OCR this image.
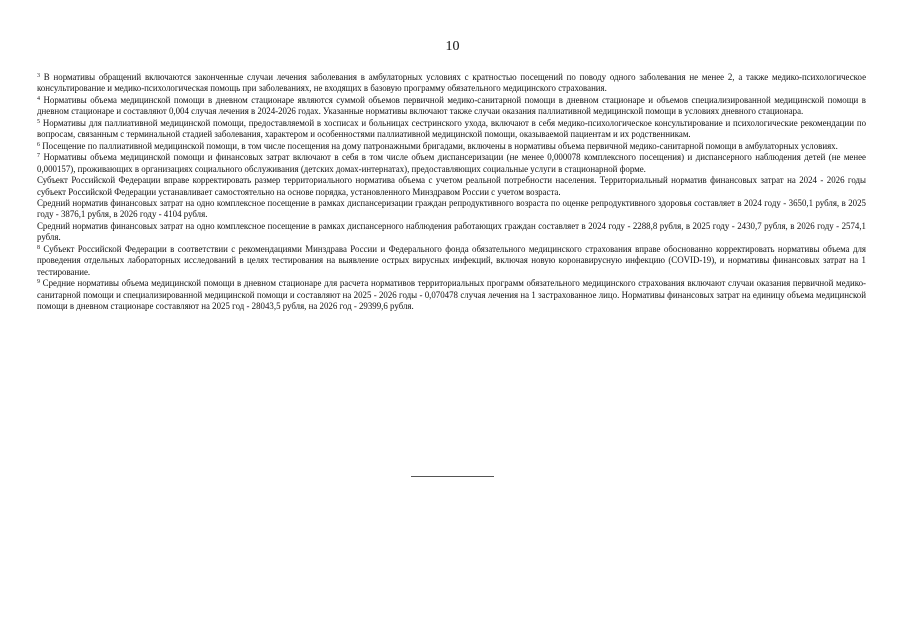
10

$^3$ В нормативы обращений включаются законченные случаи лечения заболевания в амбулаторных условиях с кратностью посещений по поводу одного заболевания не менее 2, а также медико-психологическое консультирование и медико-психологическая помощь при заболеваниях, не входящих в базовую программу обязательного медицинского страхования.

$^4$ Нормативы объема медицинской помощи в дневном стационаре являются суммой объемов первичной медико-санитарной помощи в дневном стационаре и объемов специализированной медицинской помощи в дневном стационаре и составляют 0,004 случая лечения в 2024-2026 годах. Указанные нормативы включают также случаи оказания паллиативной медицинской помощи в условиях дневного стационара.

$^5$ Нормативы для паллиативной медицинской помощи, предоставляемой в хосписах и больницах сестринского ухода, включают в себя медико-психологическое консультирование и психологические рекомендации по вопросам, связанным с терминальной стадией заболевания, характером и особенностями паллиативной медицинской помощи, оказываемой пациентам и их родственникам.

$^6$ Посещение по паллиативной медицинской помощи, в том числе посещения на дому патронажными бригадами, включены в нормативы объема первичной медико-санитарной помощи в амбулаторных условиях.

$^7$ Нормативы объема медицинской помощи и финансовых затрат включают в себя в том числе объем диспансеризации (не менее 0,000078 комплексного посещения) и диспансерного наблюдения детей (не менее 0,000157), проживающих в организациях социального обслуживания (детских домах-интернатах), предоставляющих социальные услуги в стационарной форме.

Субъект Российской Федерации вправе корректировать размер территориального норматива объема с учетом реальной потребности населения. Территориальный норматив финансовых затрат на 2024 - 2026 годы субъект Российской Федерации устанавливает самостоятельно на основе порядка, установленного Минздравом России с учетом возраста.

Средний норматив финансовых затрат на одно комплексное посещение в рамках диспансеризации граждан репродуктивного возраста по оценке репродуктивного здоровья составляет в 2024 году - 3650,1 рубля, в 2025 году - 3876,1 рубля, в 2026 году - 4104 рубля.

Средний норматив финансовых затрат на одно комплексное посещение в рамках диспансерного наблюдения работающих граждан составляет в 2024 году - 2288,8 рубля, в 2025 году - 2430,7 рубля, в 2026 году - 2574,1 рубля.

$^8$ Субъект Российской Федерации в соответствии с рекомендациями Минздрава России и Федерального фонда обязательного медицинского страхования вправе обоснованно корректировать нормативы объема для проведения отдельных лабораторных исследований в целях тестирования на выявление острых вирусных инфекций, включая новую коронавирусную инфекцию (COVID-19), и нормативы финансовых затрат на 1 тестирование.

$^9$ Средние нормативы объема медицинской помощи в дневном стационаре для расчета нормативов территориальных программ обязательного медицинского страхования включают случаи оказания первичной медико-санитарной помощи и специализированной медицинской помощи и составляют на 2025 - 2026 годы - 0,070478 случая лечения на 1 застрахованное лицо. Нормативы финансовых затрат на единицу объема медицинской помощи в дневном стационаре составляют на 2025 год - 28043,5 рубля, на 2026 год - 29399,6 рубля.
